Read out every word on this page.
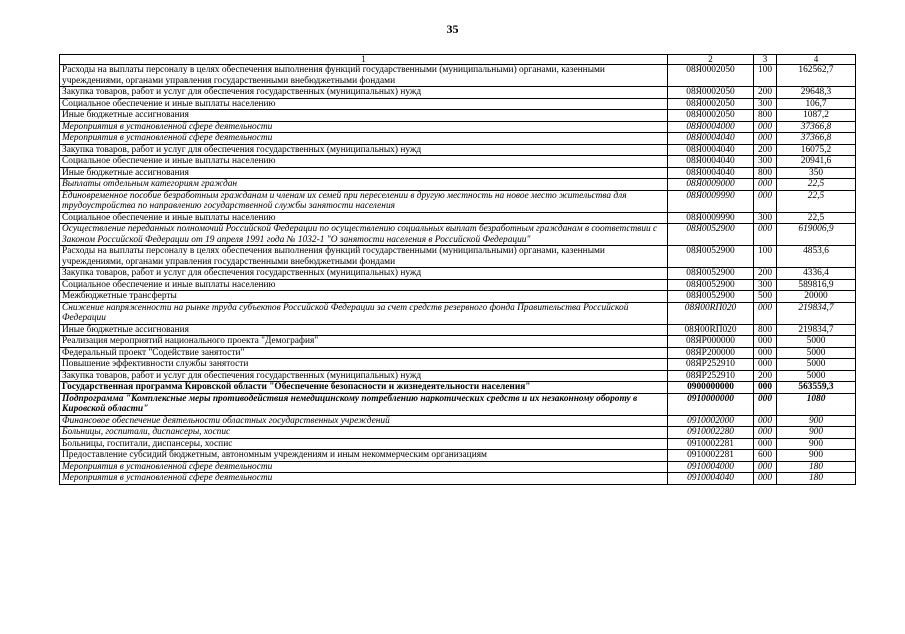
35
1	2	3	4
Расходы на выплаты персоналу в целях обеспечения выполнения функций государственными (муниципальными) органами, казенными учреждениями, органами управления государственными внебюджетными фондами	08Я0002050	100	162562,7
Закупка товаров, работ и услуг для обеспечения государственных (муниципальных) нужд	08Я0002050	200	29648,3
Социальное обеспечение и иные выплаты населению	08Я0002050	300	106,7
Иные бюджетные ассигнования	08Я0002050	800	1087,2
Мероприятия в установленной сфере деятельности	08Я0004000	000	37366,8
Мероприятия в установленной сфере деятельности	08Я0004040	000	37366,8
Закупка товаров, работ и услуг для обеспечения государственных (муниципальных) нужд	08Я0004040	200	16075,2
Социальное обеспечение и иные выплаты населению	08Я0004040	300	20941,6
Иные бюджетные ассигнования	08Я0004040	800	350
Выплаты отдельным категориям граждан	08Я0009000	000	22,5
Единовременное пособие безработным гражданам и членам их семей при переселении в другую местность на новое место жительства для трудоустройства по направлению государственной службы занятости населения	08Я0009990	000	22,5
Социальное обеспечение и иные выплаты населению	08Я0009990	300	22,5
Осуществление переданных полномочий Российской Федерации по осуществлению социальных выплат безработным гражданам в соответствии с Законом Российской Федерации от 19 апреля 1991 года № 1032-1 "О занятости населения в Российской Федерации"	08Я0052900	000	619006,9
Расходы на выплаты персоналу в целях обеспечения выполнения функций государственными (муниципальными) органами, казенными учреждениями, органами управления государственными внебюджетными фондами	08Я0052900	100	4853,6
Закупка товаров, работ и услуг для обеспечения государственных (муниципальных) нужд	08Я0052900	200	4336,4
Социальное обеспечение и иные выплаты населению	08Я0052900	300	589816,9
Межбюджетные трансферты	08Я0052900	500	20000
Снижение напряженности на рынке труда субъектов Российской Федерации за счет средств резервного фонда Правительства Российской Федерации	08Я00RП020	000	219834,7
Иные бюджетные ассигнования	08Я00RП020	800	219834,7
Реализация мероприятий национального проекта "Демография"	08ЯP000000	000	5000
Федеральный проект "Содействие занятости"	08ЯP200000	000	5000
Повышение эффективности службы занятости	08ЯP252910	000	5000
Закупка товаров, работ и услуг для обеспечения государственных (муниципальных) нужд	08ЯP252910	200	5000
Государственная программа Кировской области "Обеспечение безопасности и жизнедеятельности населения"	0900000000	000	563559,3
Подпрограмма "Комплексные меры противодействия немедицинскому потреблению наркотических средств и их незаконному обороту в Кировской области"	0910000000	000	1080
Финансовое обеспечение деятельности областных государственных учреждений	0910002000	000	900
Больницы, госпитали, диспансеры, хоспис	0910002280	000	900
Больницы, госпитали, диспансеры, хоспис	0910002281	000	900
Предоставление субсидий бюджетным, автономным учреждениям и иным некоммерческим организациям	0910002281	600	900
Мероприятия в установленной сфере деятельности	0910004000	000	180
Мероприятия в установленной сфере деятельности	0910004040	000	180
